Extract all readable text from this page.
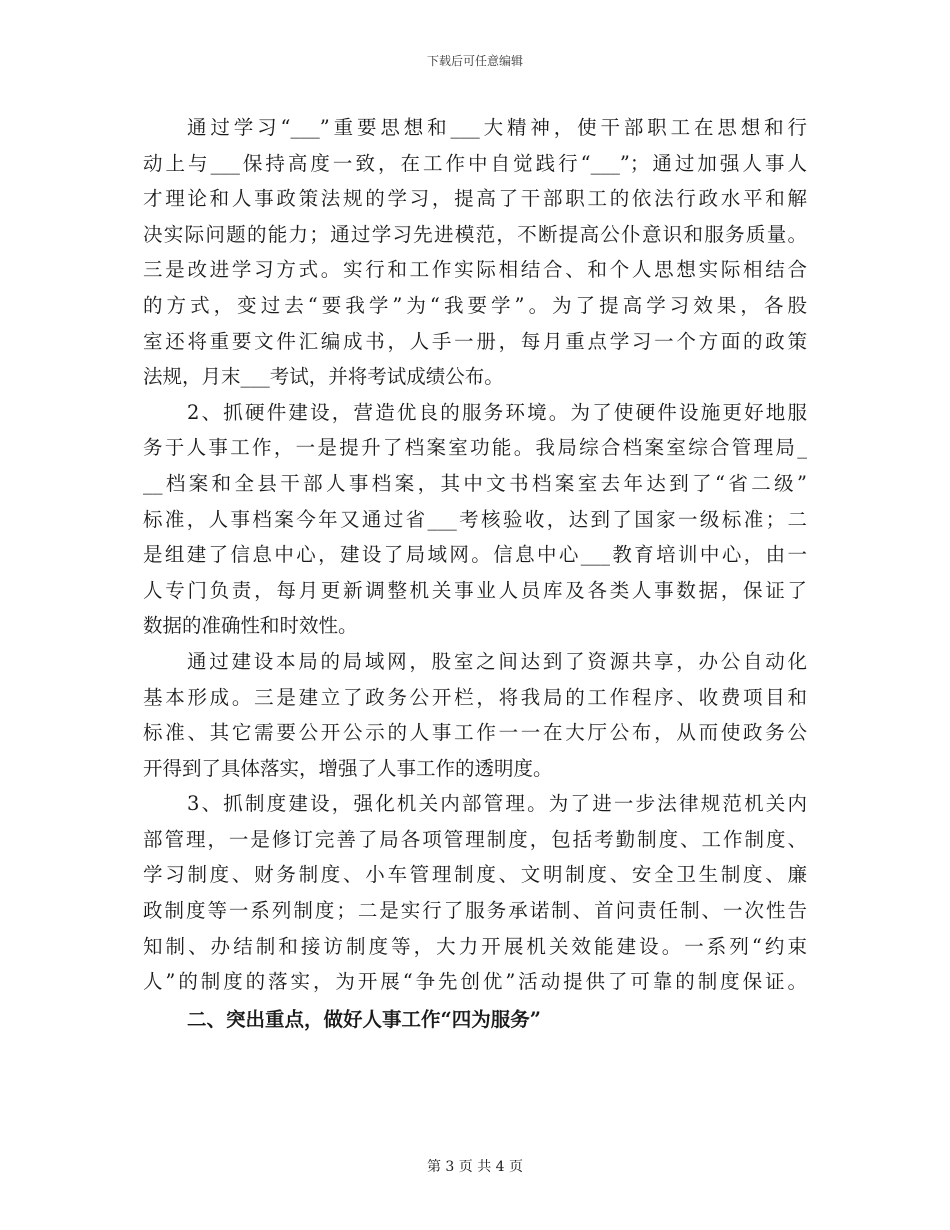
下载后可任意编辑
通过学习“___”重要思想和___大精神，使干部职工在思想和行
动上与___保持高度一致，在工作中自觉践行“___”；通过加强人事人
才理论和人事政策法规的学习，提高了干部职工的依法行政水平和解
决实际问题的能力；通过学习先进模范，不断提高公仆意识和服务质量。
三是改进学习方式。实行和工作实际相结合、和个人思想实际相结合
的方式，变过去“要我学”为“我要学”。为了提高学习效果，各股
室还将重要文件汇编成书，人手一册，每月重点学习一个方面的政策
法规，月末___考试，并将考试成绩公布。
2、抓硬件建设，营造优良的服务环境。为了使硬件设施更好地服
务于人事工作，一是提升了档案室功能。我局综合档案室综合管理局_
__档案和全县干部人事档案，其中文书档案室去年达到了“省二级”
标准，人事档案今年又通过省___考核验收，达到了国家一级标准；二
是组建了信息中心，建设了局域网。信息中心___教育培训中心，由一
人专门负责，每月更新调整机关事业人员库及各类人事数据，保证了
数据的准确性和时效性。
通过建设本局的局域网，股室之间达到了资源共享，办公自动化
基本形成。三是建立了政务公开栏，将我局的工作程序、收费项目和
标准、其它需要公开公示的人事工作一一在大厅公布，从而使政务公
开得到了具体落实，增强了人事工作的透明度。
3、抓制度建设，强化机关内部管理。为了进一步法律规范机关内
部管理，一是修订完善了局各项管理制度，包括考勤制度、工作制度、
学习制度、财务制度、小车管理制度、文明制度、安全卫生制度、廉
政制度等一系列制度；二是实行了服务承诺制、首问责任制、一次性告
知制、办结制和接访制度等，大力开展机关效能建设。一系列“约束
人”的制度的落实，为开展“争先创优”活动提供了可靠的制度保证。
二、突出重点，做好人事工作“四为服务”
第 3 页 共 4 页
